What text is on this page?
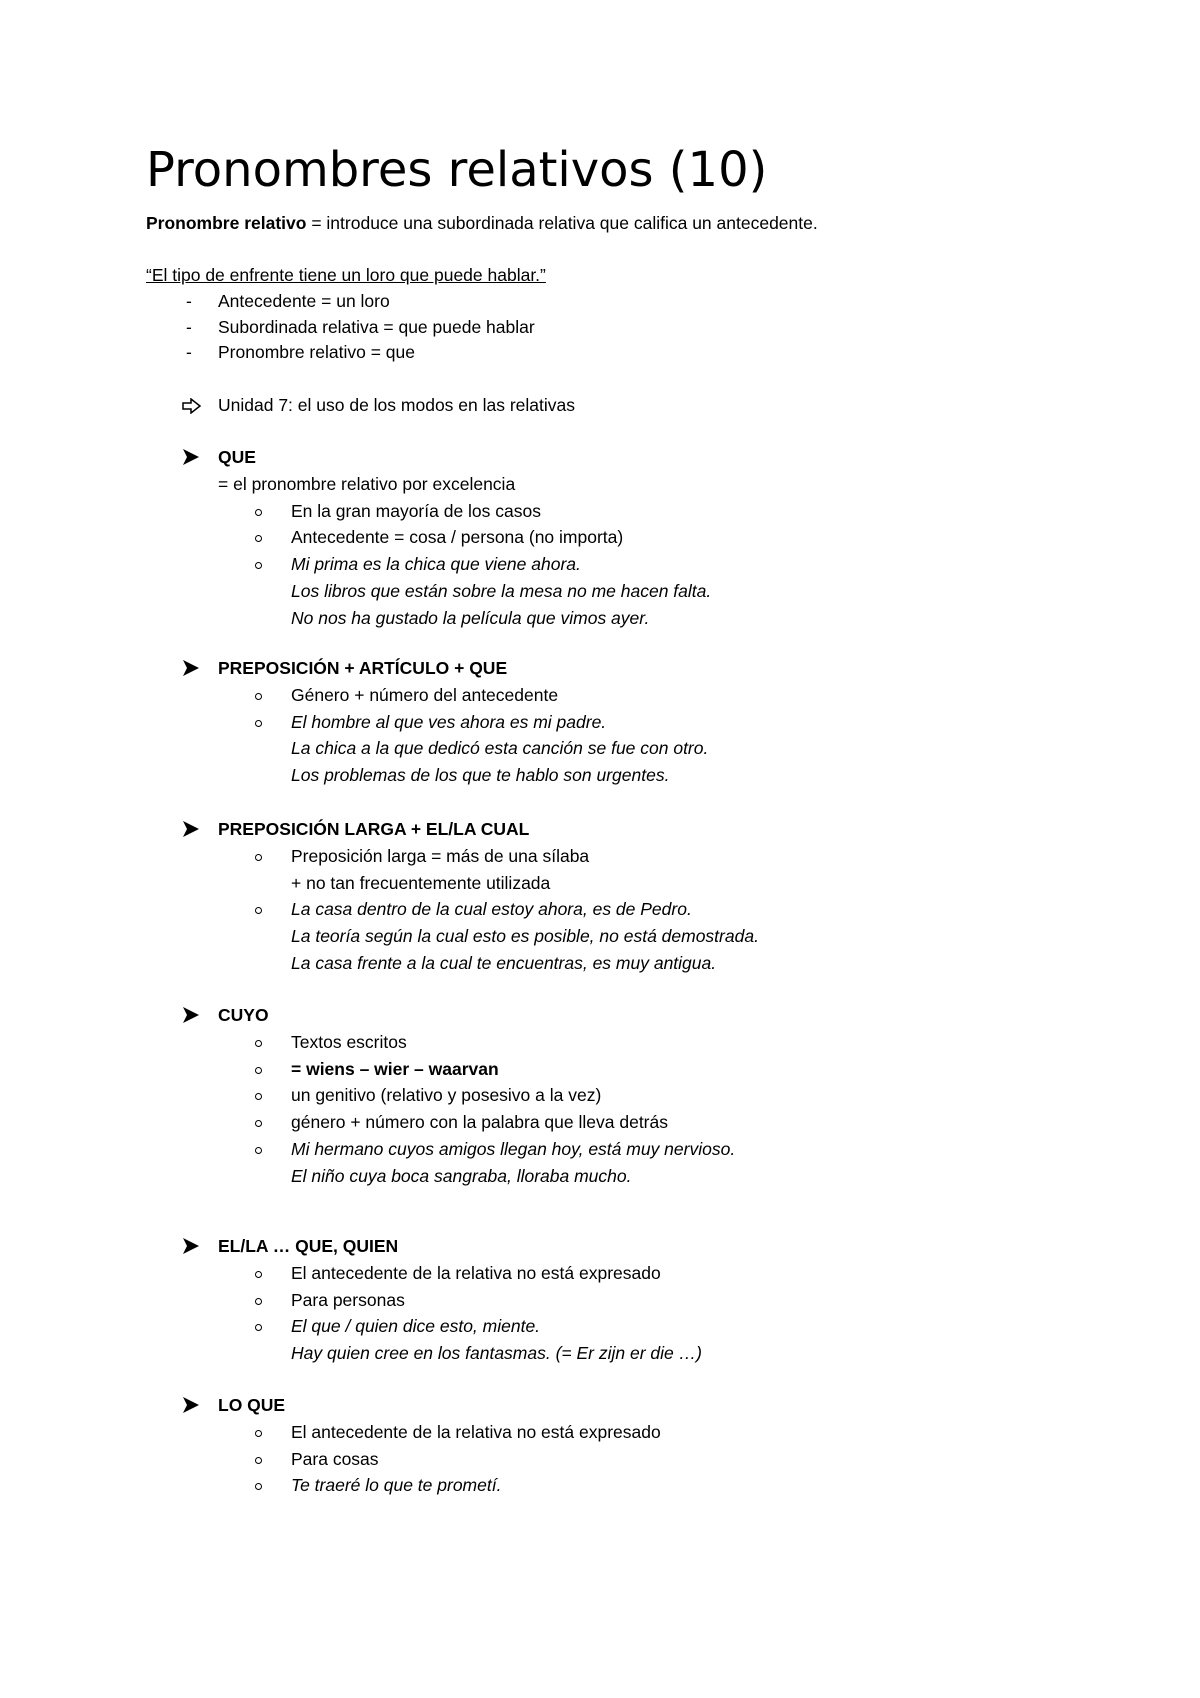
Pronombres relativos (10)
Pronombre relativo = introduce una subordinada relativa que califica un antecedente.
“El tipo de enfrente tiene un loro que puede hablar.”
- Antecedente = un loro
- Subordinada relativa = que puede hablar
- Pronombre relativo = que
Unidad 7: el uso de los modos en las relativas
QUE
= el pronombre relativo por excelencia
En la gran mayoría de los casos
Antecedente = cosa / persona (no importa)
Mi prima es la chica que viene ahora.
Los libros que están sobre la mesa no me hacen falta.
No nos ha gustado la película que vimos ayer.
PREPOSICIÓN + ARTÍCULO + QUE
Género + número del antecedente
El hombre al que ves ahora es mi padre.
La chica a la que dedicó esta canción se fue con otro.
Los problemas de los que te hablo son urgentes.
PREPOSICIÓN LARGA + EL/LA CUAL
Preposición larga = más de una sílaba
+ no tan frecuentemente utilizada
La casa dentro de la cual estoy ahora, es de Pedro.
La teoría según la cual esto es posible, no está demostrada.
La casa frente a la cual te encuentras, es muy antigua.
CUYO
Textos escritos
= wiens – wier – waarvan
un genitivo (relativo y posesivo a la vez)
género + número con la palabra que lleva detrás
Mi hermano cuyos amigos llegan hoy, está muy nervioso.
El niño cuya boca sangraba, lloraba mucho.
EL/LA … QUE, QUIEN
El antecedente de la relativa no está expresado
Para personas
El que / quien dice esto, miente.
Hay quien cree en los fantasmas. (= Er zijn er die …)
LO QUE
El antecedente de la relativa no está expresado
Para cosas
Te traeré lo que te prometí.
